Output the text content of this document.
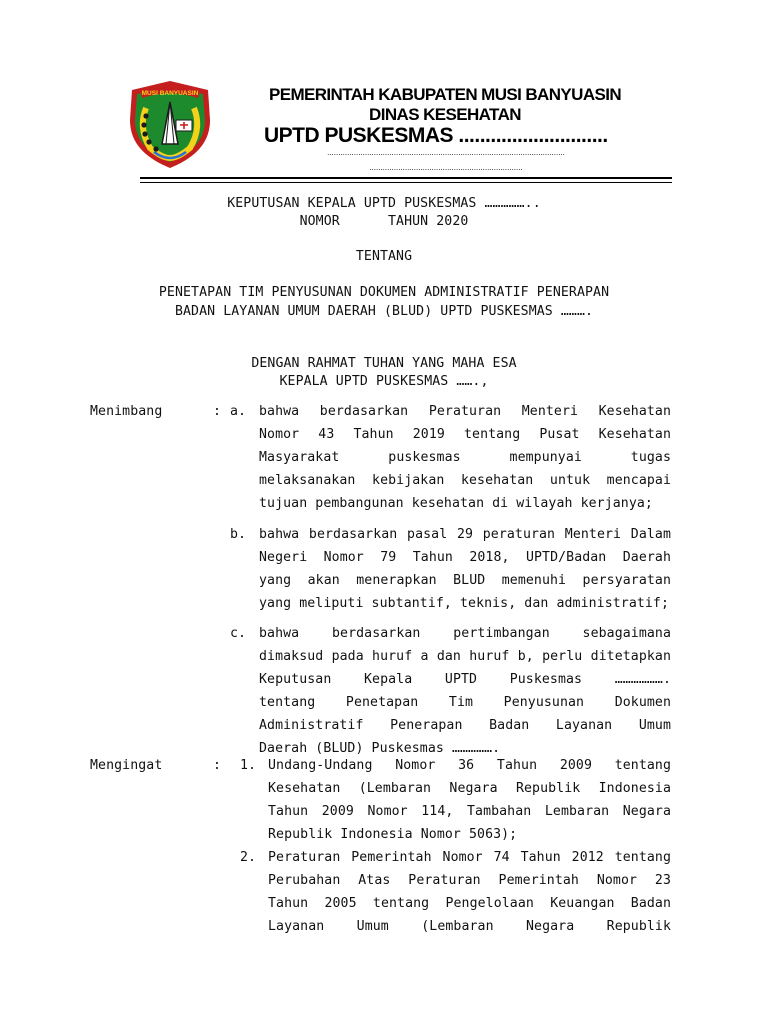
MUSI BANYUASIN	PEMERINTAH KABUPATEN MUSI BANYUASIN
DINAS KESEHATAN
UPTD PUSKESMAS ............................
...........................................................................................................
.....................................................................
KEPUTUSAN KEPALA UPTD PUSKESMAS ……………..
NOMOR      TAHUN 2020
TENTANG
PENETAPAN TIM PENYUSUNAN DOKUMEN ADMINISTRATIF PENERAPAN
BADAN LAYANAN UMUM DAERAH (BLUD) UPTD PUSKESMAS ……….
DENGAN RAHMAT TUHAN YANG MAHA ESA
KEPALA UPTD PUSKESMAS …….,
Menimbang	: a. bahwa berdasarkan Peraturan Menteri Kesehatan
Nomor 43 Tahun 2019 tentang Pusat Kesehatan
Masyarakat puskesmas mempunyai tugas
melaksanakan kebijakan kesehatan untuk mencapai
tujuan pembangunan kesehatan di wilayah kerjanya;
b. bahwa berdasarkan pasal 29 peraturan Menteri Dalam
Negeri Nomor 79 Tahun 2018, UPTD/Badan Daerah
yang akan menerapkan BLUD memenuhi persyaratan
yang meliputi subtantif, teknis, dan administratif;
c. bahwa berdasarkan pertimbangan sebagaimana
dimaksud pada huruf a dan huruf b, perlu ditetapkan
Keputusan Kepala UPTD Puskesmas ……………….
tentang Penetapan Tim Penyusunan Dokumen
Administratif Penerapan Badan Layanan Umum
Daerah (BLUD) Puskesmas …………….
Mengingat	: 1. Undang-Undang Nomor 36 Tahun 2009 tentang
Kesehatan (Lembaran Negara Republik Indonesia
Tahun 2009 Nomor 114, Tambahan Lembaran Negara
Republik Indonesia Nomor 5063);
2. Peraturan Pemerintah Nomor 74 Tahun 2012 tentang
Perubahan Atas Peraturan Pemerintah Nomor 23
Tahun 2005 tentang Pengelolaan Keuangan Badan
Layanan Umum (Lembaran Negara Republik
